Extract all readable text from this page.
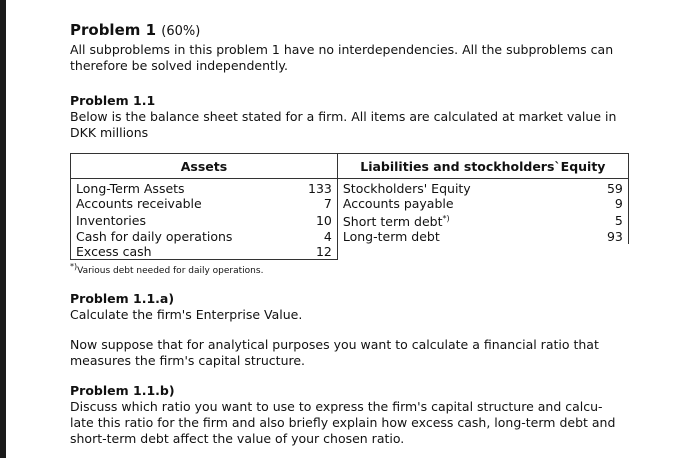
Problem 1 (60%)

All subproblems in this problem 1 have no interdependencies. All the subproblems can therefore be solved independently.

Problem 1.1

Below is the balance sheet stated for a firm. All items are calculated at market value in DKK millions

Assets		Liabilities and stockholders`Equity	
Long-Term Assets	133	Stockholders' Equity	59
Accounts receivable	7	Accounts payable	9
Inventories	10	Short term debt*)	5
Cash for daily operations	4	Long-term debt	93
Excess cash	12		

*)Various debt needed for daily operations.

Problem 1.1.a)

Calculate the firm's Enterprise Value.

Now suppose that for analytical purposes you want to calculate a financial ratio that measures the firm's capital structure.

Problem 1.1.b)

Discuss which ratio you want to use to express the firm's capital structure and calcu- late this ratio for the firm and also briefly explain how excess cash, long-term debt and short-term debt affect the value of your chosen ratio.
